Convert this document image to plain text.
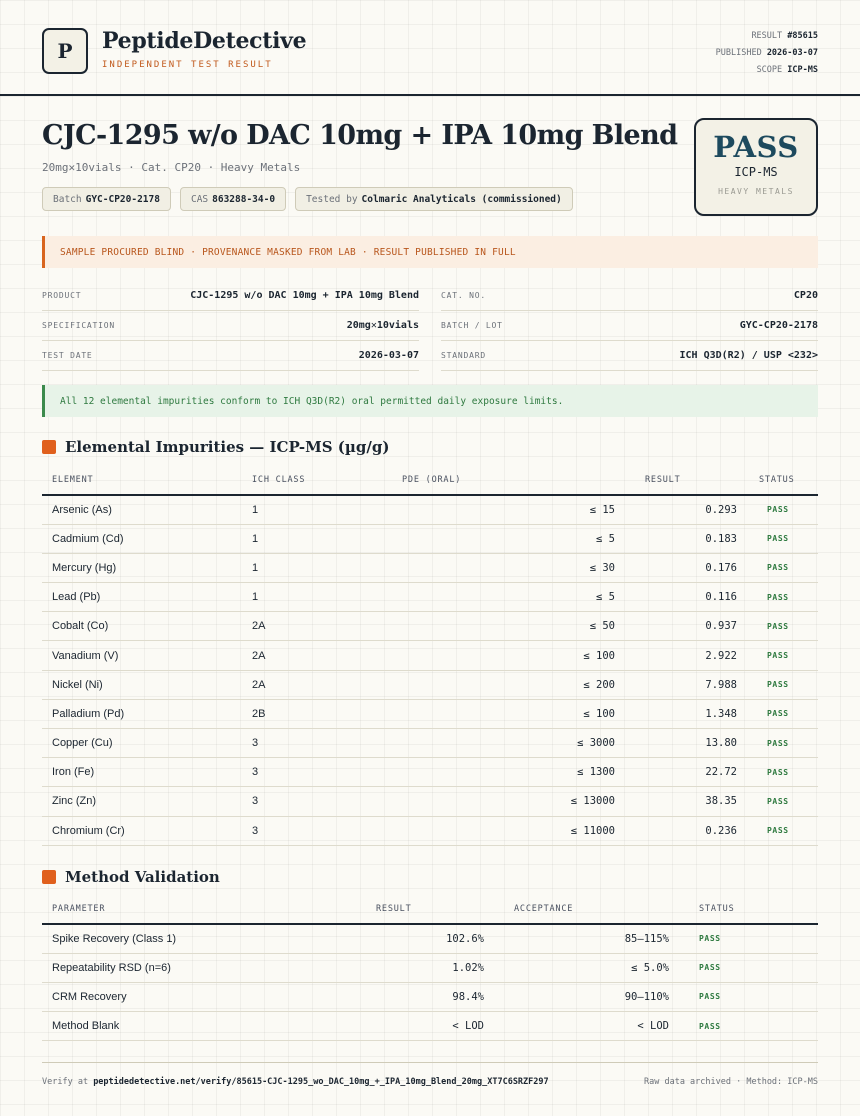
P	PeptideDetective
INDEPENDENT TEST RESULT
RESULT #85615
PUBLISHED 2026-03-07
SCOPE ICP-MS
CJC-1295 w/o DAC 10mg + IPA 10mg Blend
20mg✕10vials · Cat. CP20 · Heavy Metals
Batch GYC-CP20-2178	CAS 863288-34-0	Tested by Colmaric Analyticals (commissioned)
PASS
ICP-MS
HEAVY METALS
SAMPLE PROCURED BLIND · PROVENANCE MASKED FROM LAB · RESULT PUBLISHED IN FULL
PRODUCT	CJC-1295 w/o DAC 10mg + IPA 10mg Blend
SPECIFICATION	20mg✕10vials
TEST DATE	2026-03-07
CAT. NO.	CP20
BATCH / LOT	GYC-CP20-2178
STANDARD	ICH Q3D(R2) / USP <232>
All 12 elemental impurities conform to ICH Q3D(R2) oral permitted daily exposure limits.
Elemental Impurities — ICP-MS (µg/g)
ELEMENT	ICH CLASS	PDE (ORAL)	RESULT	STATUS
Arsenic (As)	1	≤ 15	0.293	PASS
Cadmium (Cd)	1	≤ 5	0.183	PASS
Mercury (Hg)	1	≤ 30	0.176	PASS
Lead (Pb)	1	≤ 5	0.116	PASS
Cobalt (Co)	2A	≤ 50	0.937	PASS
Vanadium (V)	2A	≤ 100	2.922	PASS
Nickel (Ni)	2A	≤ 200	7.988	PASS
Palladium (Pd)	2B	≤ 100	1.348	PASS
Copper (Cu)	3	≤ 3000	13.80	PASS
Iron (Fe)	3	≤ 1300	22.72	PASS
Zinc (Zn)	3	≤ 13000	38.35	PASS
Chromium (Cr)	3	≤ 11000	0.236	PASS
Method Validation
PARAMETER	RESULT	ACCEPTANCE	STATUS
Spike Recovery (Class 1)	102.6%	85–115%	PASS
Repeatability RSD (n=6)	1.02%	≤ 5.0%	PASS
CRM Recovery	98.4%	90–110%	PASS
Method Blank	< LOD	< LOD	PASS
Verify at peptidedetective.net/verify/85615-CJC-1295_wo_DAC_10mg_+_IPA_10mg_Blend_20mg_XT7C6SRZF297	Raw data archived · Method: ICP-MS
